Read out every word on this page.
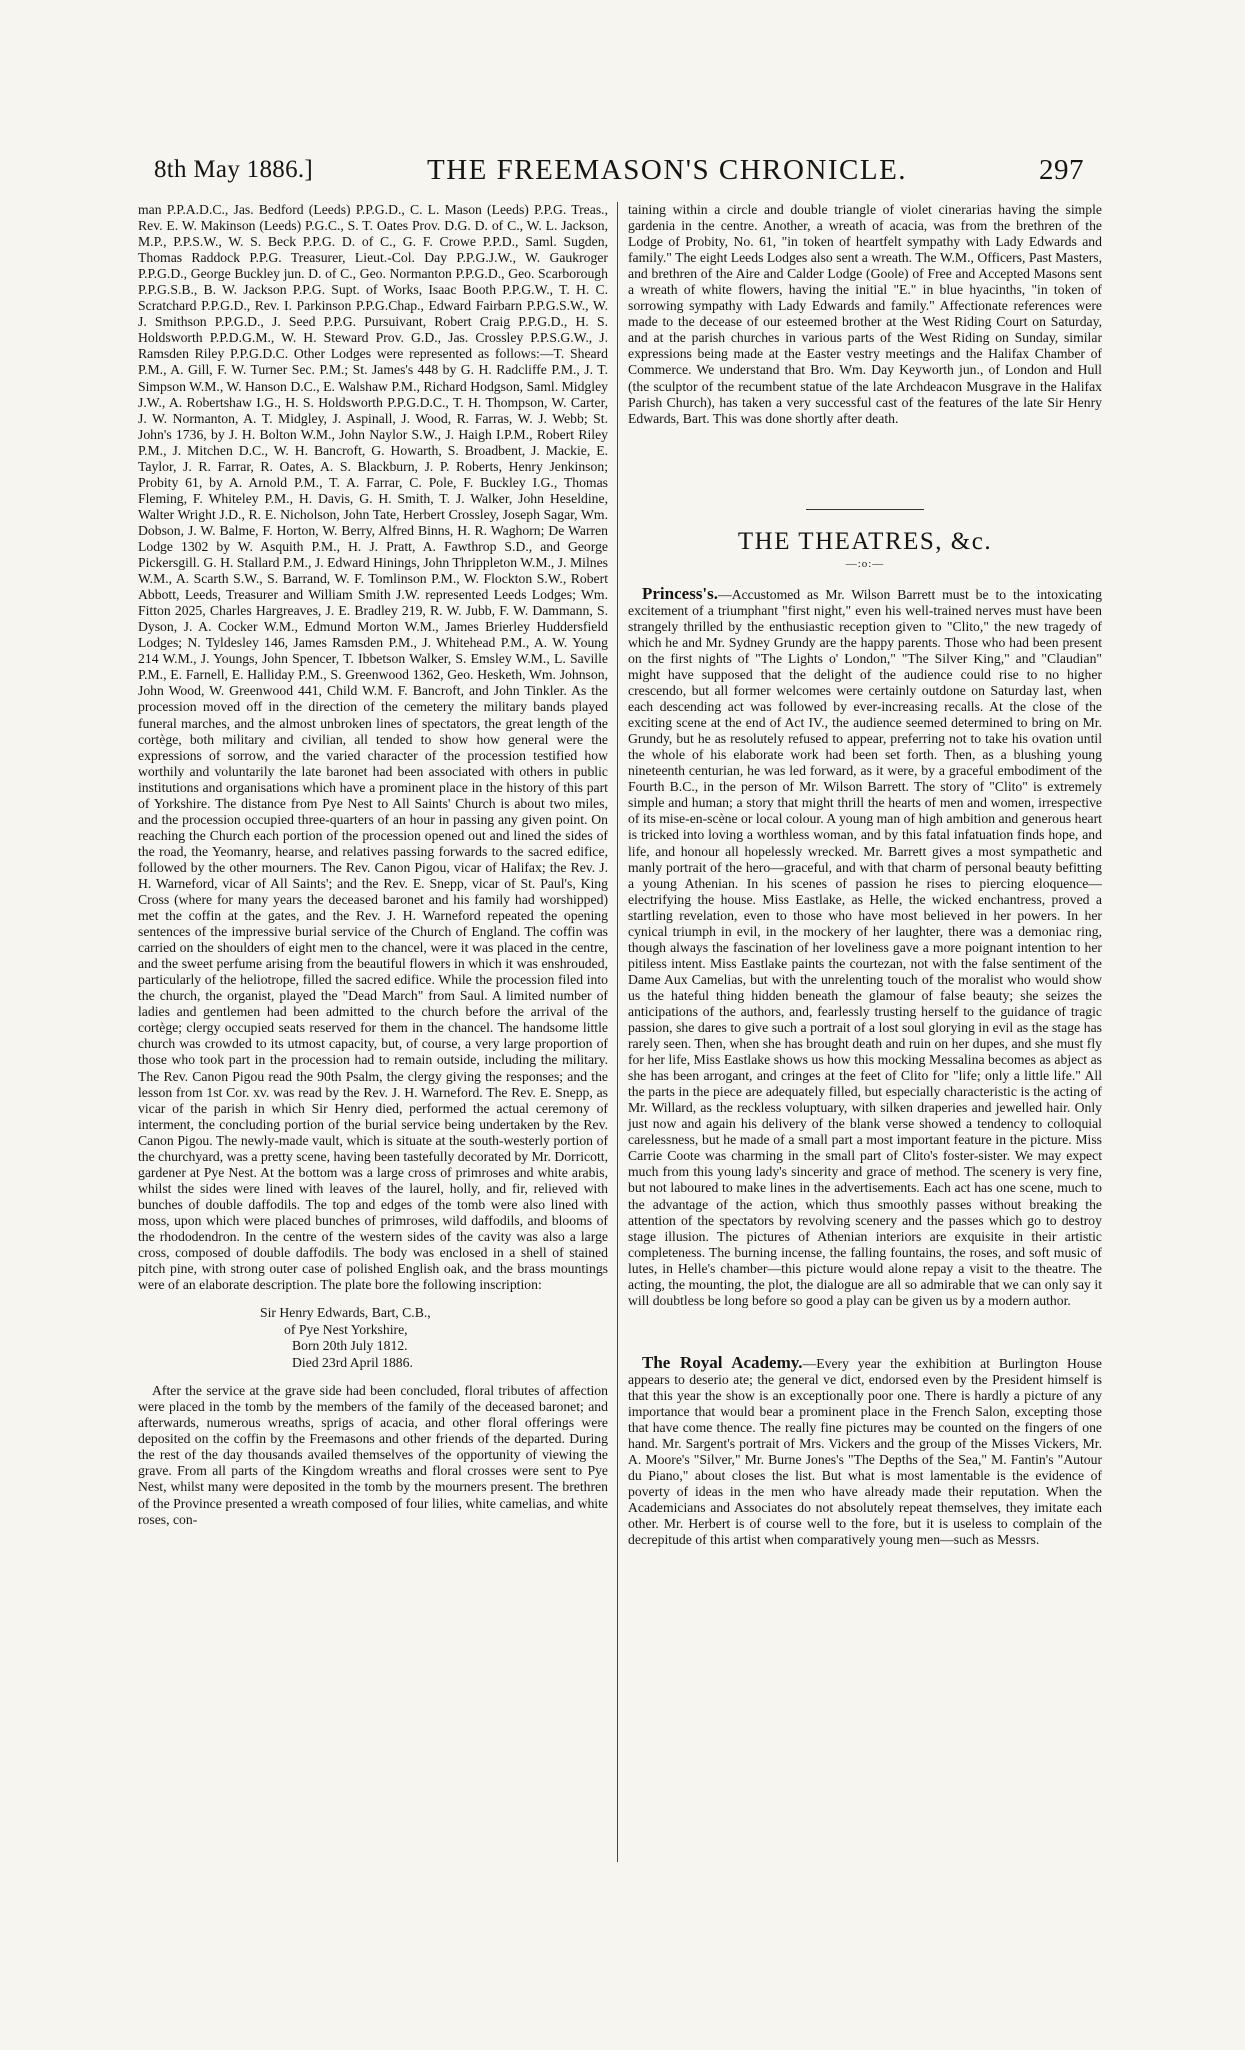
8th May 1886.]	THE FREEMASON'S CHRONICLE.	297

man P.P.A.D.C., Jas. Bedford (Leeds) P.P.G.D., C. L. Mason (Leeds) P.P.G. Treas., Rev. E. W. Makinson (Leeds) P.G.C., S. T. Oates Prov. D.G. D. of C., W. L. Jackson, M.P., P.P.S.W., W. S. Beck P.P.G. D. of C., G. F. Crowe P.P.D., Saml. Sugden, Thomas Raddock P.P.G. Treasurer, Lieut.-Col. Day P.P.G.J.W., W. Gaukroger P.P.G.D., George Buckley jun. D. of C., Geo. Normanton P.P.G.D., Geo. Scarborough P.P.G.S.B., B. W. Jackson P.P.G. Supt. of Works, Isaac Booth P.P.G.W., T. H. C. Scratchard P.P.G.D., Rev. I. Parkinson P.P.G.Chap., Edward Fairbarn P.P.G.S.W., W. J. Smithson P.P.G.D., J. Seed P.P.G. Pursuivant, Robert Craig P.P.G.D., H. S. Holdsworth P.P.D.G.M., W. H. Steward Prov. G.D., Jas. Crossley P.P.S.G.W., J. Ramsden Riley P.P.G.D.C. Other Lodges were represented as follows:—T. Sheard P.M., A. Gill, F. W. Turner Sec. P.M.; St. James's 448 by G. H. Radcliffe P.M., J. T. Simpson W.M., W. Hanson D.C., E. Walshaw P.M., Richard Hodgson, Saml. Midgley J.W., A. Robertshaw I.G., H. S. Holdsworth P.P.G.D.C., T. H. Thompson, W. Carter, J. W. Normanton, A. T. Midgley, J. Aspinall, J. Wood, R. Farras, W. J. Webb; St. John's 1736, by J. H. Bolton W.M., John Naylor S.W., J. Haigh I.P.M., Robert Riley P.M., J. Mitchen D.C., W. H. Bancroft, G. Howarth, S. Broadbent, J. Mackie, E. Taylor, J. R. Farrar, R. Oates, A. S. Blackburn, J. P. Roberts, Henry Jenkinson; Probity 61, by A. Arnold P.M., T. A. Farrar, C. Pole, F. Buckley I.G., Thomas Fleming, F. Whiteley P.M., H. Davis, G. H. Smith, T. J. Walker, John Heseldine, Walter Wright J.D., R. E. Nicholson, John Tate, Herbert Crossley, Joseph Sagar, Wm. Dobson, J. W. Balme, F. Horton, W. Berry, Alfred Binns, H. R. Waghorn; De Warren Lodge 1302 by W. Asquith P.M., H. J. Pratt, A. Fawthrop S.D., and George Pickersgill. G. H. Stallard P.M., J. Edward Hinings, John Thrippleton W.M., J. Milnes W.M., A. Scarth S.W., S. Barrand, W. F. Tomlinson P.M., W. Flockton S.W., Robert Abbott, Leeds, Treasurer and William Smith J.W. represented Leeds Lodges; Wm. Fitton 2025, Charles Hargreaves, J. E. Bradley 219, R. W. Jubb, F. W. Dammann, S. Dyson, J. A. Cocker W.M., Edmund Morton W.M., James Brierley Huddersfield Lodges; N. Tyldesley 146, James Ramsden P.M., J. Whitehead P.M., A. W. Young 214 W.M., J. Youngs, John Spencer, T. Ibbetson Walker, S. Emsley W.M., L. Saville P.M., E. Farnell, E. Halliday P.M., S. Greenwood 1362, Geo. Hesketh, Wm. Johnson, John Wood, W. Greenwood 441, Child W.M. F. Bancroft, and John Tinkler. As the procession moved off in the direction of the cemetery the military bands played funeral marches, and the almost unbroken lines of spectators, the great length of the cortège, both military and civilian, all tended to show how general were the expressions of sorrow, and the varied character of the procession testified how worthily and voluntarily the late baronet had been associated with others in public institutions and organisations which have a prominent place in the history of this part of Yorkshire. The distance from Pye Nest to All Saints' Church is about two miles, and the procession occupied three-quarters of an hour in passing any given point. On reaching the Church each portion of the procession opened out and lined the sides of the road, the Yeomanry, hearse, and relatives passing forwards to the sacred edifice, followed by the other mourners. The Rev. Canon Pigou, vicar of Halifax; the Rev. J. H. Warneford, vicar of All Saints'; and the Rev. E. Snepp, vicar of St. Paul's, King Cross (where for many years the deceased baronet and his family had worshipped) met the coffin at the gates, and the Rev. J. H. Warneford repeated the opening sentences of the impressive burial service of the Church of England. The coffin was carried on the shoulders of eight men to the chancel, were it was placed in the centre, and the sweet perfume arising from the beautiful flowers in which it was enshrouded, particularly of the heliotrope, filled the sacred edifice. While the procession filed into the church, the organist, played the "Dead March" from Saul. A limited number of ladies and gentlemen had been admitted to the church before the arrival of the cortège; clergy occupied seats reserved for them in the chancel. The handsome little church was crowded to its utmost capacity, but, of course, a very large proportion of those who took part in the procession had to remain outside, including the military. The Rev. Canon Pigou read the 90th Psalm, the clergy giving the responses; and the lesson from 1st Cor. xv. was read by the Rev. J. H. Warneford. The Rev. E. Snepp, as vicar of the parish in which Sir Henry died, performed the actual ceremony of interment, the concluding portion of the burial service being undertaken by the Rev. Canon Pigou. The newly-made vault, which is situate at the south-westerly portion of the churchyard, was a pretty scene, having been tastefully decorated by Mr. Dorricott, gardener at Pye Nest. At the bottom was a large cross of primroses and white arabis, whilst the sides were lined with leaves of the laurel, holly, and fir, relieved with bunches of double daffodils. The top and edges of the tomb were also lined with moss, upon which were placed bunches of primroses, wild daffodils, and blooms of the rhododendron. In the centre of the western sides of the cavity was also a large cross, composed of double daffodils. The body was enclosed in a shell of stained pitch pine, with strong outer case of polished English oak, and the brass mountings were of an elaborate description. The plate bore the following inscription:

Sir Henry Edwards, Bart, C.B.,
of Pye Nest Yorkshire,
Born 20th July 1812.
Died 23rd April 1886.

After the service at the grave side had been concluded, floral tributes of affection were placed in the tomb by the members of the family of the deceased baronet; and afterwards, numerous wreaths, sprigs of acacia, and other floral offerings were deposited on the coffin by the Freemasons and other friends of the departed. During the rest of the day thousands availed themselves of the opportunity of viewing the grave. From all parts of the Kingdom wreaths and floral crosses were sent to Pye Nest, whilst many were deposited in the tomb by the mourners present. The brethren of the Province presented a wreath composed of four lilies, white camelias, and white roses, con-

taining within a circle and double triangle of violet cinerarias having the simple gardenia in the centre. Another, a wreath of acacia, was from the brethren of the Lodge of Probity, No. 61, "in token of heartfelt sympathy with Lady Edwards and family." The eight Leeds Lodges also sent a wreath. The W.M., Officers, Past Masters, and brethren of the Aire and Calder Lodge (Goole) of Free and Accepted Masons sent a wreath of white flowers, having the initial "E." in blue hyacinths, "in token of sorrowing sympathy with Lady Edwards and family." Affectionate references were made to the decease of our esteemed brother at the West Riding Court on Saturday, and at the parish churches in various parts of the West Riding on Sunday, similar expressions being made at the Easter vestry meetings and the Halifax Chamber of Commerce. We understand that Bro. Wm. Day Keyworth jun., of London and Hull (the sculptor of the recumbent statue of the late Archdeacon Musgrave in the Halifax Parish Church), has taken a very successful cast of the features of the late Sir Henry Edwards, Bart. This was done shortly after death.

THE THEATRES, &c.
—:o:—

Princess's.—Accustomed as Mr. Wilson Barrett must be to the intoxicating excitement of a triumphant "first night," even his well-trained nerves must have been strangely thrilled by the enthusiastic reception given to "Clito," the new tragedy of which he and Mr. Sydney Grundy are the happy parents. Those who had been present on the first nights of "The Lights o' London," "The Silver King," and "Claudian" might have supposed that the delight of the audience could rise to no higher crescendo, but all former welcomes were certainly outdone on Saturday last, when each descending act was followed by ever-increasing recalls. At the close of the exciting scene at the end of Act IV., the audience seemed determined to bring on Mr. Grundy, but he as resolutely refused to appear, preferring not to take his ovation until the whole of his elaborate work had been set forth. Then, as a blushing young nineteenth centurian, he was led forward, as it were, by a graceful embodiment of the Fourth B.C., in the person of Mr. Wilson Barrett. The story of "Clito" is extremely simple and human; a story that might thrill the hearts of men and women, irrespective of its mise-en-scène or local colour. A young man of high ambition and generous heart is tricked into loving a worthless woman, and by this fatal infatuation finds hope, and life, and honour all hopelessly wrecked. Mr. Barrett gives a most sympathetic and manly portrait of the hero—graceful, and with that charm of personal beauty befitting a young Athenian. In his scenes of passion he rises to piercing eloquence—electrifying the house. Miss Eastlake, as Helle, the wicked enchantress, proved a startling revelation, even to those who have most believed in her powers. In her cynical triumph in evil, in the mockery of her laughter, there was a demoniac ring, though always the fascination of her loveliness gave a more poignant intention to her pitiless intent. Miss Eastlake paints the courtezan, not with the false sentiment of the Dame Aux Camelias, but with the unrelenting touch of the moralist who would show us the hateful thing hidden beneath the glamour of false beauty; she seizes the anticipations of the authors, and, fearlessly trusting herself to the guidance of tragic passion, she dares to give such a portrait of a lost soul glorying in evil as the stage has rarely seen. Then, when she has brought death and ruin on her dupes, and she must fly for her life, Miss Eastlake shows us how this mocking Messalina becomes as abject as she has been arrogant, and cringes at the feet of Clito for "life; only a little life." All the parts in the piece are adequately filled, but especially characteristic is the acting of Mr. Willard, as the reckless voluptuary, with silken draperies and jewelled hair. Only just now and again his delivery of the blank verse showed a tendency to colloquial carelessness, but he made of a small part a most important feature in the picture. Miss Carrie Coote was charming in the small part of Clito's foster-sister. We may expect much from this young lady's sincerity and grace of method. The scenery is very fine, but not laboured to make lines in the advertisements. Each act has one scene, much to the advantage of the action, which thus smoothly passes without breaking the attention of the spectators by revolving scenery and the passes which go to destroy stage illusion. The pictures of Athenian interiors are exquisite in their artistic completeness. The burning incense, the falling fountains, the roses, and soft music of lutes, in Helle's chamber—this picture would alone repay a visit to the theatre. The acting, the mounting, the plot, the dialogue are all so admirable that we can only say it will doubtless be long before so good a play can be given us by a modern author.

The Royal Academy.—Every year the exhibition at Burlington House appears to deserio ate; the general ve dict, endorsed even by the President himself is that this year the show is an exceptionally poor one. There is hardly a picture of any importance that would bear a prominent place in the French Salon, excepting those that have come thence. The really fine pictures may be counted on the fingers of one hand. Mr. Sargent's portrait of Mrs. Vickers and the group of the Misses Vickers, Mr. A. Moore's "Silver," Mr. Burne Jones's "The Depths of the Sea," M. Fantin's "Autour du Piano," about closes the list. But what is most lamentable is the evidence of poverty of ideas in the men who have already made their reputation. When the Academicians and Associates do not absolutely repeat themselves, they imitate each other. Mr. Herbert is of course well to the fore, but it is useless to complain of the decrepitude of this artist when comparatively young men—such as Messrs.
